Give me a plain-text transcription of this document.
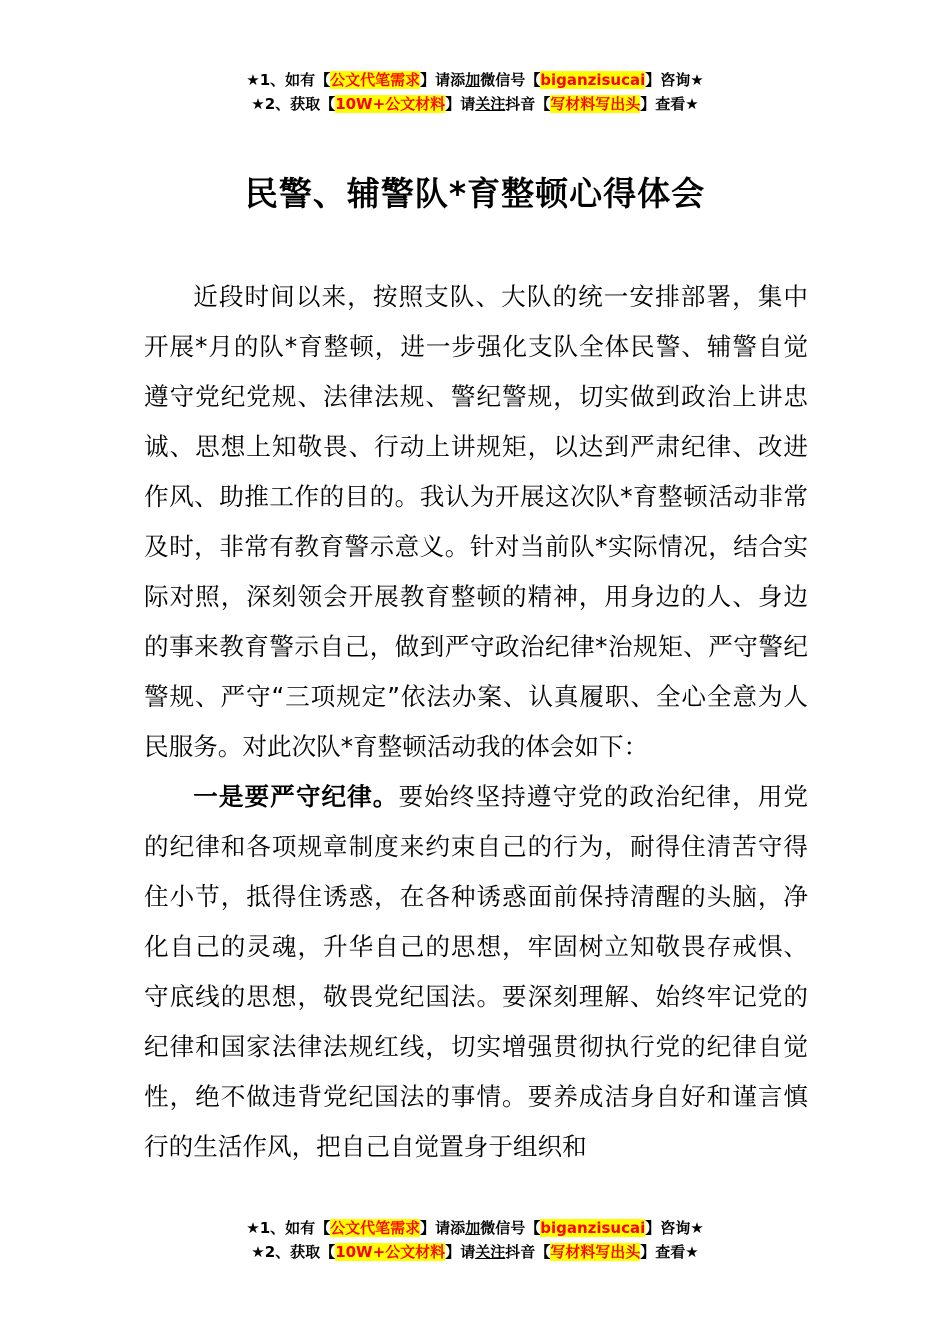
★1、如有【公文代笔需求】请添加微信号【biganzisucai】咨询★
★2、获取【10W+公文材料】请关注抖音【写材料写出头】查看★
民警、辅警队*育整顿心得体会

近段时间以来，按照支队、大队的统一安排部署，集中开展*月的队*育整顿，进一步强化支队全体民警、辅警自觉遵守党纪党规、法律法规、警纪警规，切实做到政治上讲忠诚、思想上知敬畏、行动上讲规矩，以达到严肃纪律、改进作风、助推工作的目的。我认为开展这次队*育整顿活动非常及时，非常有教育警示意义。针对当前队*实际情况，结合实际对照，深刻领会开展教育整顿的精神，用身边的人、身边的事来教育警示自己，做到严守政治纪律*治规矩、严守警纪警规、严守“三项规定”依法办案、认真履职、全心全意为人民服务。对此次队*育整顿活动我的体会如下：

一是要严守纪律。要始终坚持遵守党的政治纪律，用党的纪律和各项规章制度来约束自己的行为，耐得住清苦守得住小节，抵得住诱惑，在各种诱惑面前保持清醒的头脑，净化自己的灵魂，升华自己的思想，牢固树立知敬畏存戒惧、守底线的思想，敬畏党纪国法。要深刻理解、始终牢记党的纪律和国家法律法规红线，切实增强贯彻执行党的纪律自觉性，绝不做违背党纪国法的事情。要养成洁身自好和谨言慎行的生活作风，把自己自觉置身于组织和

★1、如有【公文代笔需求】请添加微信号【biganzisucai】咨询★
★2、获取【10W+公文材料】请关注抖音【写材料写出头】查看★
